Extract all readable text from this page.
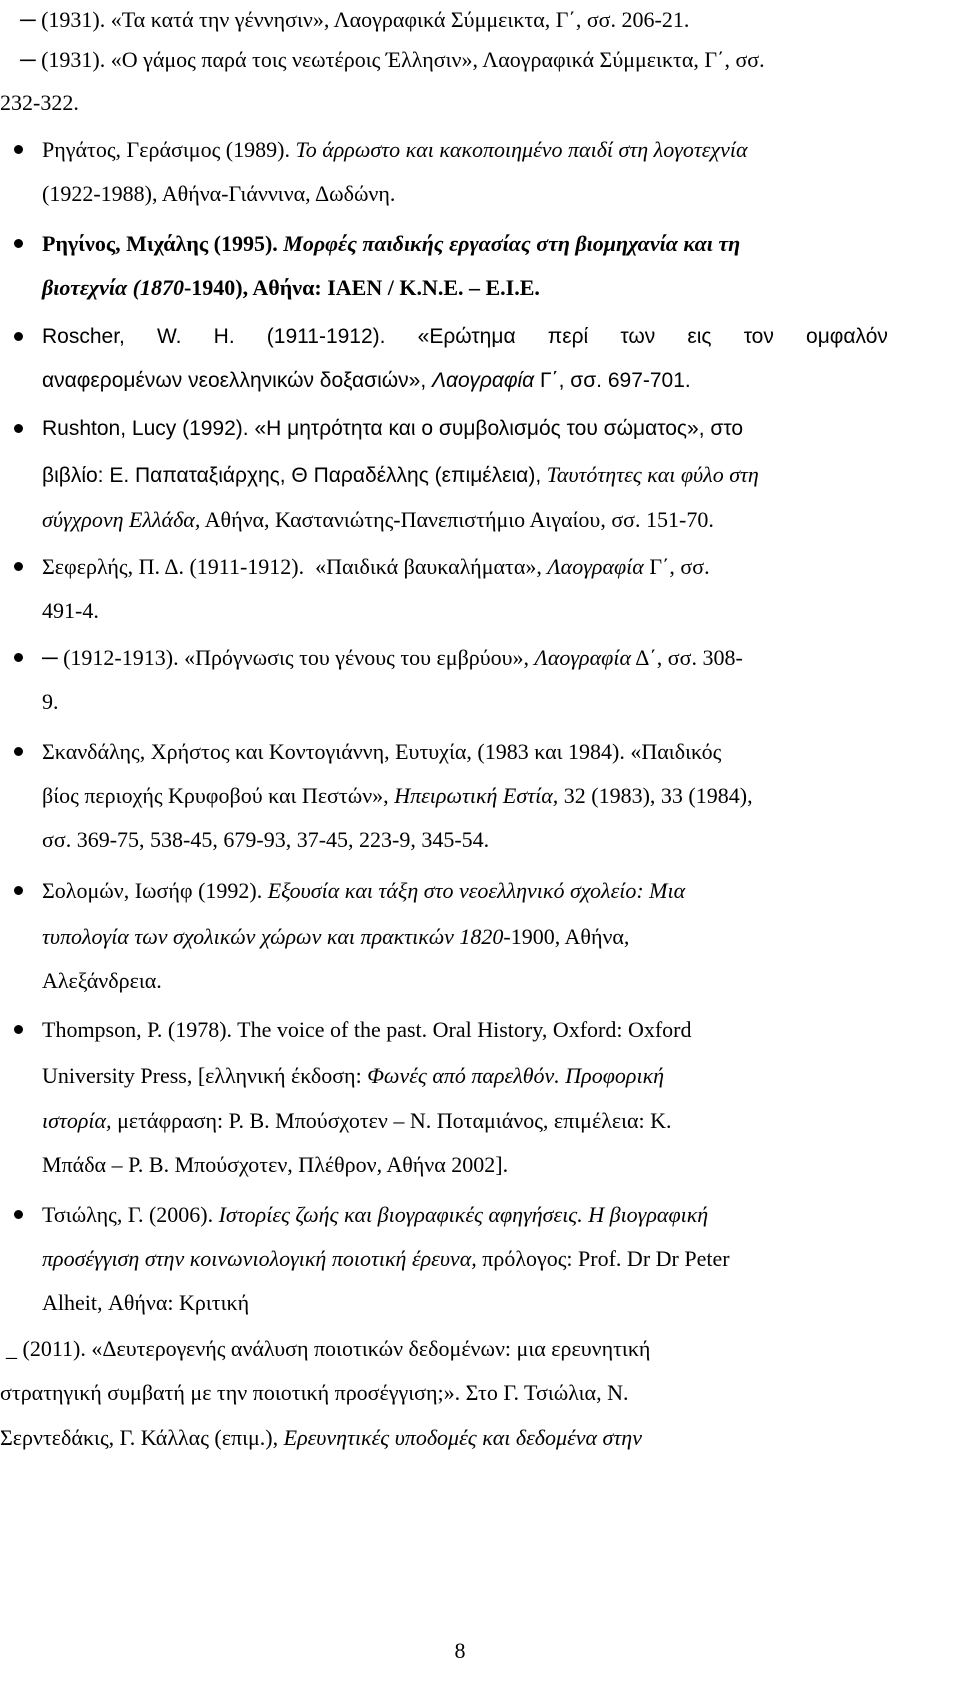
─ (1931). «Τα κατά την γέννησιν», Λαογραφικά Σύμμεικτα, Γ΄, σσ. 206-21.
─ (1931). «Ο γάμος παρά τοις νεωτέροις Έλλησιν», Λαογραφικά Σύμμεικτα, Γ΄, σσ.
232-322.
Ρηγάτος, Γεράσιμος (1989). Το άρρωστο και κακοποιημένο παιδί στη λογοτεχνία
(1922-1988), Αθήνα-Γιάννινα, Δωδώνη.
Ρηγίνος, Μιχάλης (1995). Μορφές παιδικής εργασίας στη βιομηχανία και τη
βιοτεχνία (1870-1940), Αθήνα: ΙΑΕΝ / Κ.Ν.Ε. – Ε.Ι.Ε.
Roscher, W. H. (1911-1912). «Ερώτημα περί των εις τον ομφαλόν
αναφερομένων νεοελληνικών δοξασιών», Λαογραφία Γ΄, σσ. 697-701.
Rushton, Lucy (1992). «Η μητρότητα και ο συμβολισμός του σώματος», στο
βιβλίο: Ε. Παπαταξιάρχης, Θ Παραδέλλης (επιμέλεια), Ταυτότητες και φύλο στη
σύγχρονη Ελλάδα, Αθήνα, Καστανιώτης-Πανεπιστήμιο Αιγαίου, σσ. 151-70.
Σεφερλής, Π. Δ. (1911-1912). «Παιδικά βαυκαλήματα», Λαογραφία Γ΄, σσ.
491-4.
─ (1912-1913). «Πρόγνωσις του γένους του εμβρύου», Λαογραφία Δ΄, σσ. 308-
9.
Σκανδάλης, Χρήστος και Κοντογιάννη, Ευτυχία, (1983 και 1984). «Παιδικός
βίος περιοχής Κρυφοβού και Πεστών», Ηπειρωτική Εστία, 32 (1983), 33 (1984),
σσ. 369-75, 538-45, 679-93, 37-45, 223-9, 345-54.
Σολομών, Ιωσήφ (1992). Εξουσία και τάξη στο νεοελληνικό σχολείο: Μια
τυπολογία των σχολικών χώρων και πρακτικών 1820-1900, Αθήνα,
Αλεξάνδρεια.
Thompson, P. (1978). The voice of the past. Oral History, Oxford: Oxford
University Press, [ελληνική έκδοση: Φωνές από παρελθόν. Προφορική
ιστορία, μετάφραση: Ρ. Β. Μπούσχοτεν – Ν. Ποταμιάνος, επιμέλεια: Κ.
Μπάδα – Ρ. Β. Μπούσχοτεν, Πλέθρον, Αθήνα 2002].
Τσιώλης, Γ. (2006). Ιστορίες ζωής και βιογραφικές αφηγήσεις. Η βιογραφική
προσέγγιση στην κοινωνιολογική ποιοτική έρευνα, πρόλογος: Prof. Dr Dr Peter
Alheit, Αθήνα: Κριτική
_ (2011). «Δευτερογενής ανάλυση ποιοτικών δεδομένων: μια ερευνητική
στρατηγική συμβατή με την ποιοτική προσέγγιση;». Στο Γ. Τσιώλια, Ν.
Σερντεδάκις, Γ. Κάλλας (επιμ.), Ερευνητικές υποδομές και δεδομένα στην
8
